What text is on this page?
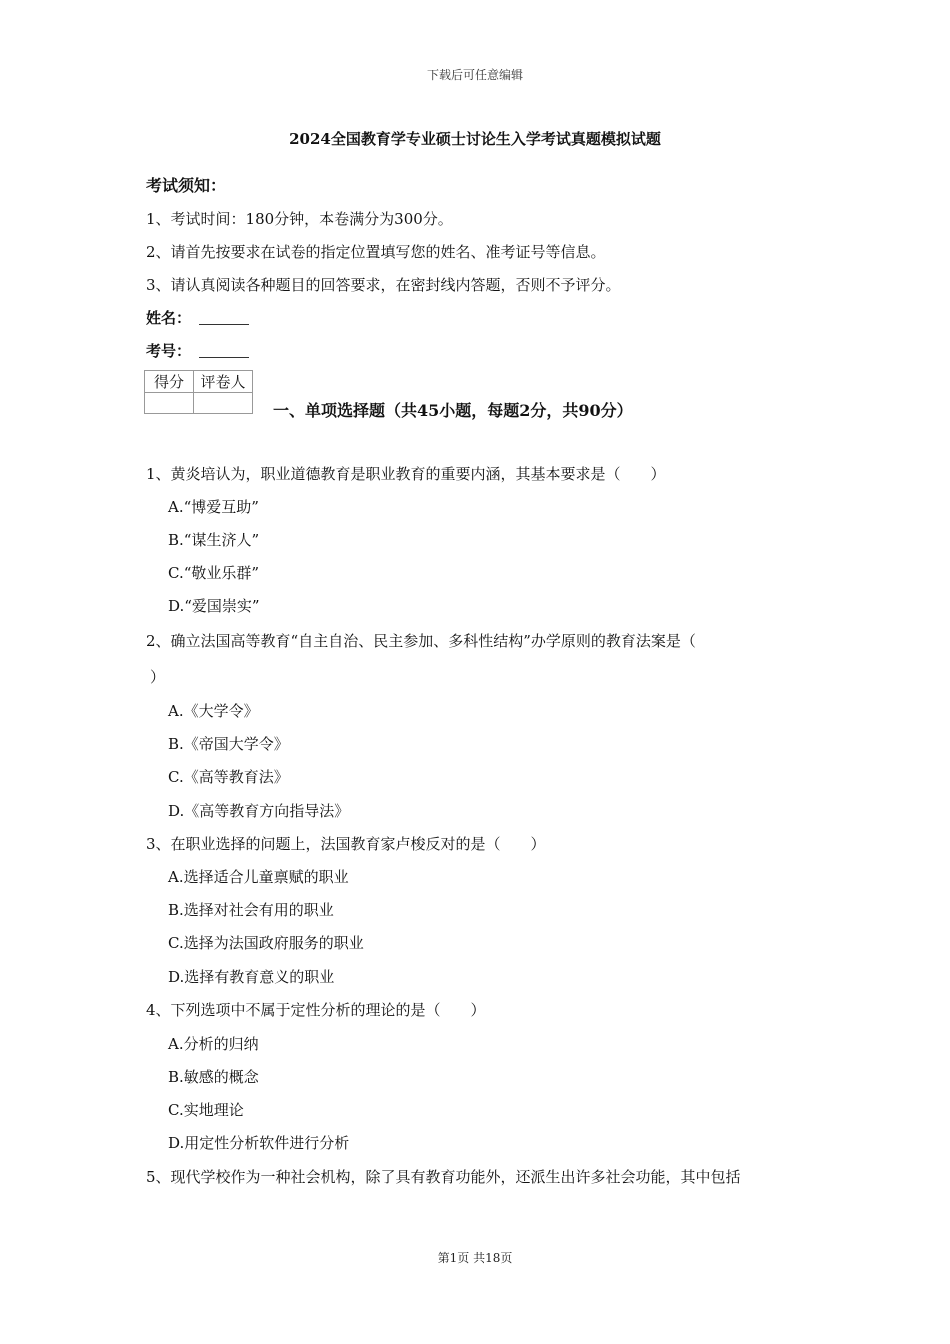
下载后可任意编辑
2024全国教育学专业硕士讨论生入学考试真题模拟试题
考试须知：
1、考试时间：180分钟，本卷满分为300分。
2、请首先按要求在试卷的指定位置填写您的姓名、准考证号等信息。
3、请认真阅读各种题目的回答要求，在密封线内答题，否则不予评分。
姓名：
考号：
得分	评卷人

一、单项选择题（共45小题，每题2分，共90分）
1、黄炎培认为，职业道德教育是职业教育的重要内涵，其基本要求是（　　）
A.“博爱互助”
B.“谋生济人”
C.“敬业乐群”
D.“爱国崇实”
2、确立法国高等教育“自主自治、民主参加、多科性结构”办学原则的教育法案是（
）
A.《大学令》
B.《帝国大学令》
C.《高等教育法》
D.《高等教育方向指导法》
3、在职业选择的问题上，法国教育家卢梭反对的是（　　）
A.选择适合儿童禀赋的职业
B.选择对社会有用的职业
C.选择为法国政府服务的职业
D.选择有教育意义的职业
4、下列选项中不属于定性分析的理论的是（　　）
A.分析的归纳
B.敏感的概念
C.实地理论
D.用定性分析软件进行分析
5、现代学校作为一种社会机构，除了具有教育功能外，还派生出许多社会功能，其中包括
第1页 共18页
